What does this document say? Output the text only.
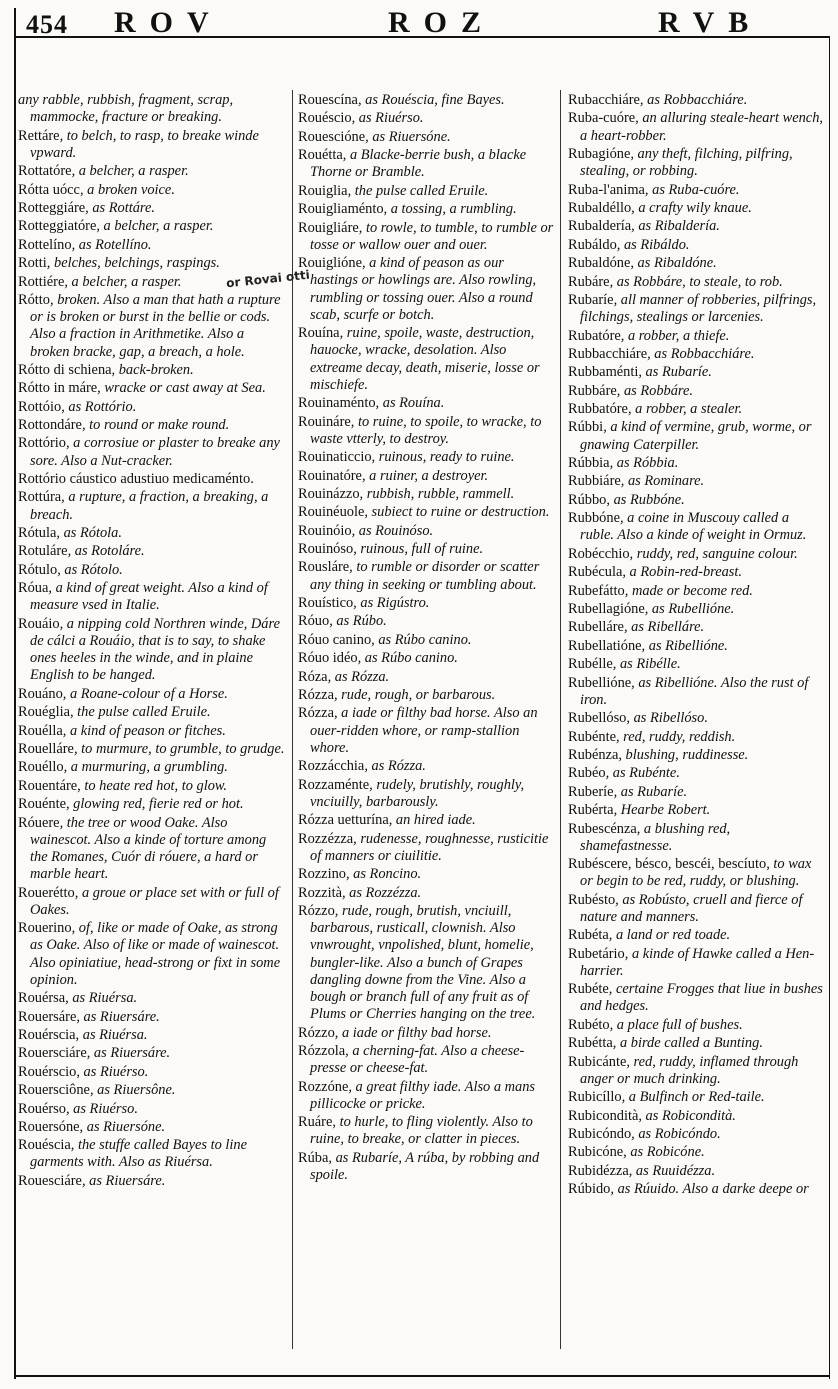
454 ROV	ROZ	RVB

any rabble, rubbish, fragment, scrap, mammocke, fracture or breaking.

Rettáre, to belch, to rasp, to breake winde vpward.

Rottatóre, a belcher, a rasper.

Rótta uócc, a broken voice.

Rotteggiáre, as Rottáre.

Rotteggiatóre, a belcher, a rasper.

Rottelíno, as Rotellíno.

Rotti, belches, belchings, raspings.

Rottiére, a belcher, a rasper.

Rótto, broken. Also a man that hath a rupture or is broken or burst in the bellie or cods. Also a fraction in Arithmetike. Also a broken bracke, gap, a breach, a hole.

Rótto di schiena, back-broken.

Rótto in máre, wracke or cast away at Sea.

Rottóio, as Rottório.

Rottondáre, to round or make round.

Rottório, a corrosiue or plaster to breake any sore. Also a Nut-cracker.

Rottório cáustico adustiuo medicaménto.

Rottúra, a rupture, a fraction, a breaking, a breach.

Rótula, as Rótola.

Rotuláre, as Rotoláre.

Rótulo, as Rótolo.

Róua, a kind of great weight. Also a kind of measure vsed in Italie.

Rouáio, a nipping cold Northren winde, Dáre de cálci a Rouáio, that is to say, to shake ones heeles in the winde, and in plaine English to be hanged.

Rouáno, a Roane-colour of a Horse.

Rouéglia, the pulse called Eruile.

Rouélla, a kind of peason or fitches.

Rouelláre, to murmure, to grumble, to grudge.

Rouéllo, a murmuring, a grumbling.

Rouentáre, to heate red hot, to glow.

Rouénte, glowing red, fierie red or hot.

Róuere, the tree or wood Oake. Also wainescot. Also a kinde of torture among the Romanes, Cuór di róuere, a hard or marble heart.

Rouerétto, a groue or place set with or full of Oakes.

Rouerino, of, like or made of Oake, as strong as Oake. Also of like or made of wainescot. Also opiniatiue, head-strong or fixt in some opinion.

Rouérsa, as Riuérsa.

Rouersáre, as Riuersáre.

Rouérscia, as Riuérsa.

Rouersciáre, as Riuersáre.

Rouérscio, as Riuérso.

Rouersciône, as Riuersône.

Rouérso, as Riuérso.

Rouersóne, as Riuersóne.

Rouéscia, the stuffe called Bayes to line garments with. Also as Riuérsa.

Rouesciáre, as Riuersáre.

Rouescína, as Rouéscia, fine Bayes.

Rouéscio, as Riuérso.

Rouescióne, as Riuersóne.

Rouétta, a Blacke-berrie bush, a blacke Thorne or Bramble.

Rouiglia, the pulse called Eruile.

Rouigliaménto, a tossing, a rumbling.

Rouigliáre, to rowle, to tumble, to rumble or tosse or wallow ouer and ouer.

Rouiglióne, a kind of peason as our hastings or howlings are. Also rowling, rumbling or tossing ouer. Also a round scab, scurfe or botch.

Rouína, ruine, spoile, waste, destruction, hauocke, wracke, desolation. Also extreame decay, death, miserie, losse or mischiefe.

Rouinaménto, as Rouína.

Rouináre, to ruine, to spoile, to wracke, to waste vtterly, to destroy.

Rouinaticcio, ruinous, ready to ruine.

Rouinatóre, a ruiner, a destroyer.

Rouinázzo, rubbish, rubble, rammell.

Rouinéuole, subiect to ruine or destruction.

Rouinóio, as Rouinóso.

Rouinóso, ruinous, full of ruine.

Rousláre, to rumble or disorder or scatter any thing in seeking or tumbling about.

Rouístico, as Rigústro.

Róuo, as Rúbo.

Róuo canino, as Rúbo canino.

Róuo idéo, as Rúbo canino.

Róza, as Rózza.

Rózza, rude, rough, or barbarous.

Rózza, a iade or filthy bad horse. Also an ouer-ridden whore, or ramp-stallion whore.

Rozzácchia, as Rózza.

Rozzaménte, rudely, brutishly, roughly, vnciuilly, barbarously.

Rózza uetturína, an hired iade.

Rozzézza, rudenesse, roughnesse, rusticitie of manners or ciuilitie.

Rozzino, as Roncino.

Rozzità, as Rozzézza.

Rózzo, rude, rough, brutish, vnciuill, barbarous, rusticall, clownish. Also vnwrought, vnpolished, blunt, homelie, bungler-like. Also a bunch of Grapes dangling downe from the Vine. Also a bough or branch full of any fruit as of Plums or Cherries hanging on the tree.

Rózzo, a iade or filthy bad horse.

Rózzola, a cherning-fat. Also a cheese-presse or cheese-fat.

Rozzóne, a great filthy iade. Also a mans pillicocke or pricke.

Ruáre, to hurle, to fling violently. Also to ruine, to breake, or clatter in pieces.

Rúba, as Rubaríe, A rúba, by robbing and spoile.

Rubacchiáre, as Robbacchiáre.

Ruba-cuóre, an alluring steale-heart wench, a heart-robber.

Rubagióne, any theft, filching, pilfring, stealing, or robbing.

Ruba-l'anima, as Ruba-cuóre.

Rubaldéllo, a crafty wily knaue.

Rubaldería, as Ribaldería.

Rubáldo, as Ribáldo.

Rubaldóne, as Ribaldóne.

Rubáre, as Robbáre, to steale, to rob.

Rubaríe, all manner of robberies, pilfrings, filchings, stealings or larcenies.

Rubatóre, a robber, a thiefe.

Rubbacchiáre, as Robbacchiáre.

Rubbaménti, as Rubaríe.

Rubbáre, as Robbáre.

Rubbatóre, a robber, a stealer.

Rúbbi, a kind of vermine, grub, worme, or gnawing Caterpiller.

Rúbbia, as Róbbia.

Rubbiáre, as Rominare.

Rúbbo, as Rubbóne.

Rubbóne, a coine in Muscouy called a ruble. Also a kinde of weight in Ormuz.

Robécchio, ruddy, red, sanguine colour.

Rubécula, a Robin-red-breast.

Rubefátto, made or become red.

Rubellagióne, as Rubellióne.

Rubelláre, as Ribelláre.

Rubellatióne, as Ribellióne.

Rubélle, as Ribélle.

Rubellióne, as Ribellióne. Also the rust of iron.

Rubellóso, as Ribellóso.

Rubénte, red, ruddy, reddish.

Rubénza, blushing, ruddinesse.

Rubéo, as Rubénte.

Ruberíe, as Rubaríe.

Rubérta, Hearbe Robert.

Rubescénza, a blushing red, shamefastnesse.

Rubéscere, bésco, bescéi, bescíuto, to wax or begin to be red, ruddy, or blushing.

Rubésto, as Robústo, cruell and fierce of nature and manners.

Rubéta, a land or red toade.

Rubetário, a kinde of Hawke called a Hen-harrier.

Rubéte, certaine Frogges that liue in bushes and hedges.

Rubéto, a place full of bushes.

Rubétta, a birde called a Bunting.

Rubicánte, red, ruddy, inflamed through anger or much drinking.

Rubicíllo, a Bulfinch or Red-taile.

Rubicondità, as Robicondità.

Rubicóndo, as Robicóndo.

Rubicóne, as Robicóne.

Rubidézza, as Ruuidézza.

Rúbido, as Rúuido. Also a darke deepe or

or Rovai otti
